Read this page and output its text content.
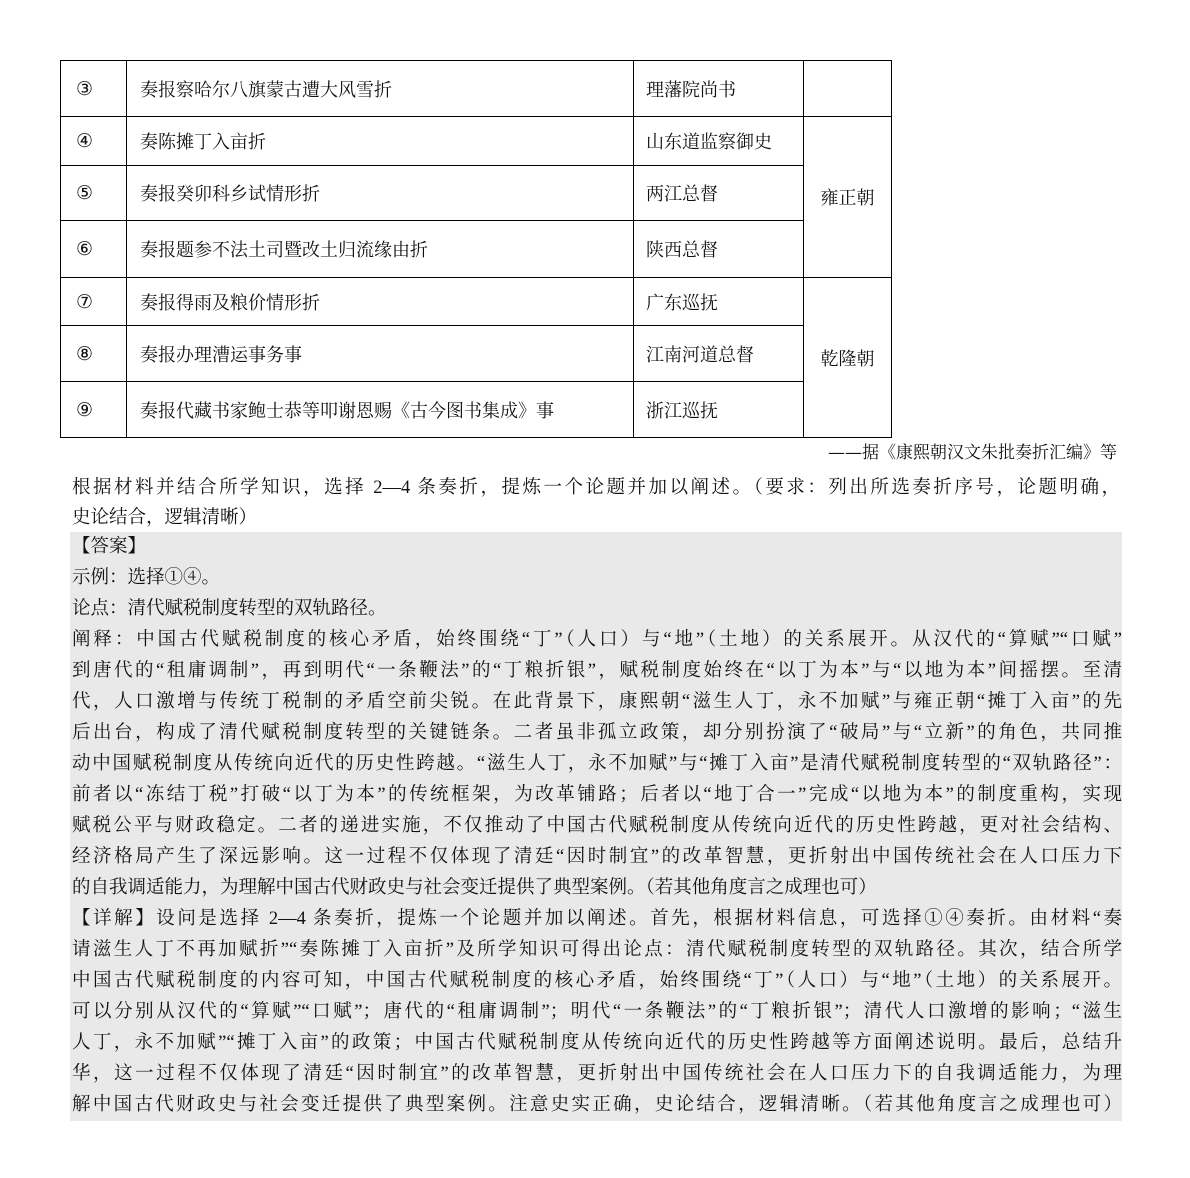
③	奏报察哈尔八旗蒙古遭大风雪折	理藩院尚书	
④	奏陈摊丁入亩折	山东道监察御史	雍正朝
⑤	奏报癸卯科乡试情形折	两江总督	
⑥	奏报题参不法土司暨改土归流缘由折	陕西总督	
⑦	奏报得雨及粮价情形折	广东巡抚	乾隆朝
⑧	奏报办理漕运事务事	江南河道总督	
⑨	奏报代藏书家鲍士恭等叩谢恩赐《古今图书集成》事	浙江巡抚	
——据《康熙朝汉文朱批奏折汇编》等
根据材料并结合所学知识，选择 2—4 条奏折，提炼一个论题并加以阐述。（要求：列出所选奏折序号，论题明确，
史论结合，逻辑清晰）
【答案】
示例：选择①④。
论点：清代赋税制度转型的双轨路径。
阐释：中国古代赋税制度的核心矛盾，始终围绕“丁”（人口）与“地”（土地）的关系展开。从汉代的“算赋”“口赋”
到唐代的“租庸调制”，再到明代“一条鞭法”的“丁粮折银”，赋税制度始终在“以丁为本”与“以地为本”间摇摆。至清
代，人口激增与传统丁税制的矛盾空前尖锐。在此背景下，康熙朝“滋生人丁，永不加赋”与雍正朝“摊丁入亩”的先
后出台，构成了清代赋税制度转型的关键链条。二者虽非孤立政策，却分别扮演了“破局”与“立新”的角色，共同推
动中国赋税制度从传统向近代的历史性跨越。“滋生人丁，永不加赋”与“摊丁入亩”是清代赋税制度转型的“双轨路径”：
前者以“冻结丁税”打破“以丁为本”的传统框架，为改革铺路；后者以“地丁合一”完成“以地为本”的制度重构，实现
赋税公平与财政稳定。二者的递进实施，不仅推动了中国古代赋税制度从传统向近代的历史性跨越，更对社会结构、
经济格局产生了深远影响。这一过程不仅体现了清廷“因时制宜”的改革智慧，更折射出中国传统社会在人口压力下
的自我调适能力，为理解中国古代财政史与社会变迁提供了典型案例。（若其他角度言之成理也可）
【详解】设问是选择 2—4 条奏折，提炼一个论题并加以阐述。首先，根据材料信息，可选择①④奏折。由材料“奏
请滋生人丁不再加赋折”“奏陈摊丁入亩折”及所学知识可得出论点：清代赋税制度转型的双轨路径。其次，结合所学
中国古代赋税制度的内容可知，中国古代赋税制度的核心矛盾，始终围绕“丁”（人口）与“地”（土地）的关系展开。
可以分别从汉代的“算赋”“口赋”；唐代的“租庸调制”；明代“一条鞭法”的“丁粮折银”；清代人口激增的影响；“滋生
人丁，永不加赋”“摊丁入亩”的政策；中国古代赋税制度从传统向近代的历史性跨越等方面阐述说明。最后，总结升
华，这一过程不仅体现了清廷“因时制宜”的改革智慧，更折射出中国传统社会在人口压力下的自我调适能力，为理
解中国古代财政史与社会变迁提供了典型案例。注意史实正确，史论结合，逻辑清晰。（若其他角度言之成理也可）
